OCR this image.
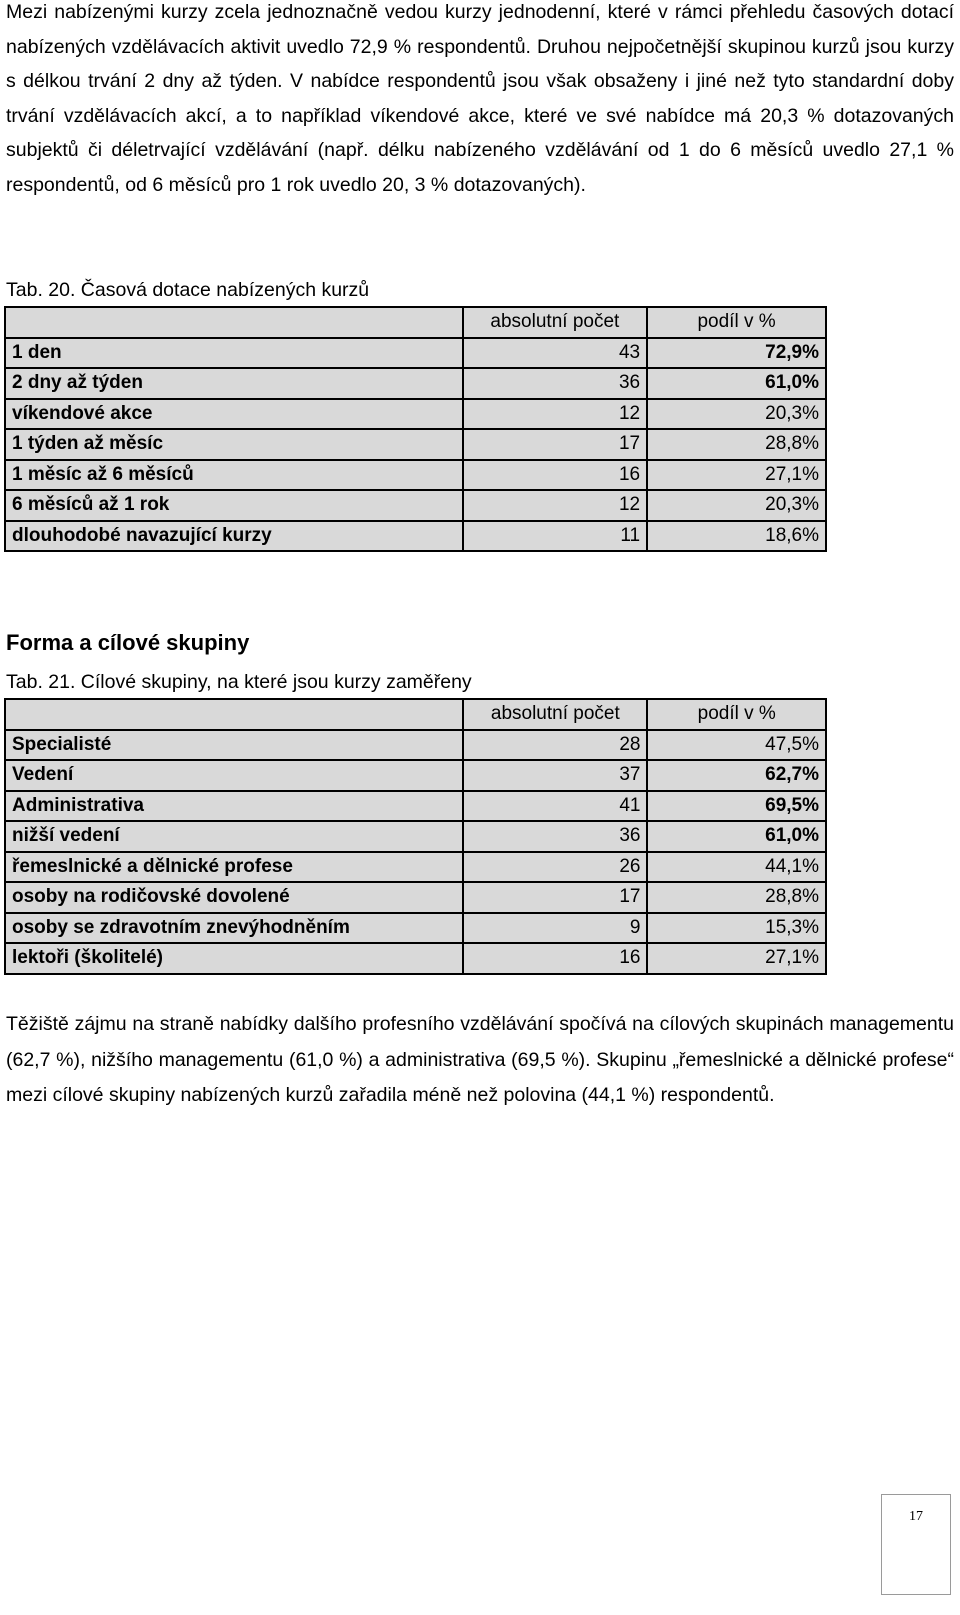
Mezi nabízenými kurzy zcela jednoznačně vedou kurzy jednodenní, které v rámci přehledu časových dotací nabízených vzdělávacích aktivit uvedlo 72,9 % respondentů. Druhou nejpočetnější skupinou kurzů jsou kurzy s délkou trvání 2 dny až týden. V nabídce respondentů jsou však obsaženy i jiné než tyto standardní doby trvání vzdělávacích akcí, a to například víkendové akce, které ve své nabídce má 20,3 % dotazovaných subjektů či déletrvající vzdělávání (např. délku nabízeného vzdělávání od 1 do 6 měsíců uvedlo 27,1 % respondentů, od 6 měsíců pro 1 rok uvedlo 20, 3 % dotazovaných).

Tab. 20. Časová dotace nabízených kurzů

	absolutní počet	podíl v %
1 den	43	72,9%
2 dny až týden	36	61,0%
víkendové akce	12	20,3%
1 týden až měsíc	17	28,8%
1 měsíc až 6 měsíců	16	27,1%
6 měsíců až 1 rok	12	20,3%
dlouhodobé navazující kurzy	11	18,6%
Forma a cílové skupiny

Tab. 21. Cílové skupiny, na které jsou kurzy zaměřeny

	absolutní počet	podíl v %
Specialisté	28	47,5%
Vedení	37	62,7%
Administrativa	41	69,5%
nižší vedení	36	61,0%
řemeslnické a dělnické profese	26	44,1%
osoby na rodičovské dovolené	17	28,8%
osoby se zdravotním znevýhodněním	9	15,3%
lektoři (školitelé)	16	27,1%

Těžiště zájmu na straně nabídky dalšího profesního vzdělávání spočívá na cílových skupinách managementu (62,7 %), nižšího managementu (61,0 %) a administrativa (69,5 %). Skupinu „řemeslnické a dělnické profese“ mezi cílové skupiny nabízených kurzů zařadila méně než polovina (44,1 %) respondentů.

17
